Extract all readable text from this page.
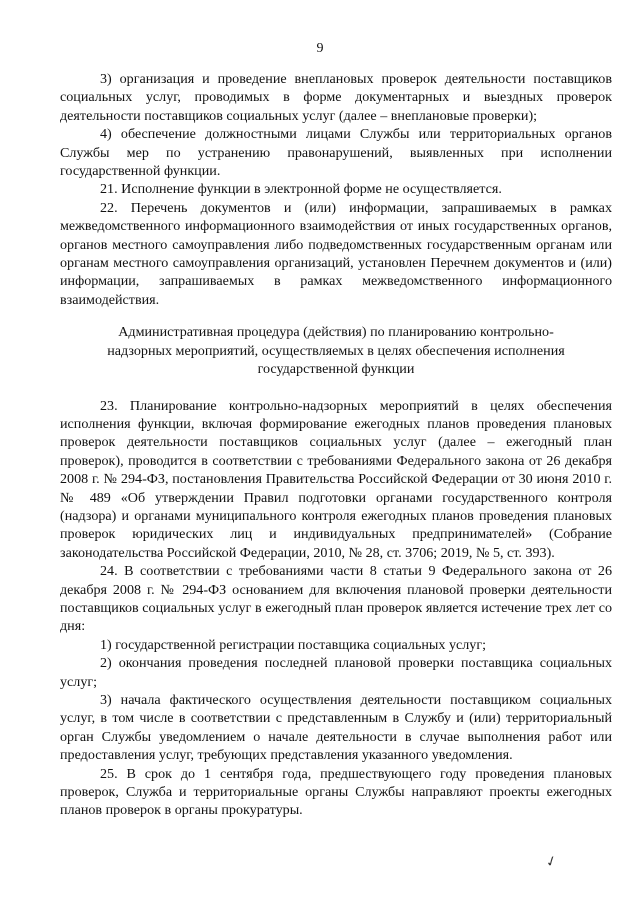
9

3) организация и проведение внеплановых проверок деятельности поставщиков социальных услуг, проводимых в форме документарных и выездных проверок деятельности поставщиков социальных услуг (далее – внеплановые проверки);

4) обеспечение должностными лицами Службы или территориальных органов Службы мер по устранению правонарушений, выявленных при исполнении государственной функции.

21. Исполнение функции в электронной форме не осуществляется.

22. Перечень документов и (или) информации, запрашиваемых в рамках межведомственного информационного взаимодействия от иных государственных органов, органов местного самоуправления либо подведомственных государственным органам или органам местного самоуправления организаций, установлен Перечнем документов и (или) информации, запрашиваемых в рамках межведомственного информационного взаимодействия.

Административная процедура (действия) по планированию контрольно-

надзорных мероприятий, осуществляемых в целях обеспечения исполнения

государственной функции

23. Планирование контрольно-надзорных мероприятий в целях обеспечения исполнения функции, включая формирование ежегодных планов проведения плановых проверок деятельности поставщиков социальных услуг (далее – ежегодный план проверок), проводится в соответствии с требованиями Федерального закона от 26 декабря 2008 г. № 294-ФЗ, постановления Правительства Российской Федерации от 30 июня 2010 г. № 489 «Об утверждении Правил подготовки органами государственного контроля (надзора) и органами муниципального контроля ежегодных планов проведения плановых проверок юридических лиц и индивидуальных предпринимателей» (Собрание законодательства Российской Федерации, 2010, № 28, ст. 3706; 2019, № 5, ст. 393).

24. В соответствии с требованиями части 8 статьи 9 Федерального закона от 26 декабря 2008 г. № 294-ФЗ основанием для включения плановой проверки деятельности поставщиков социальных услуг в ежегодный план проверок является истечение трех лет со дня:

1) государственной регистрации поставщика социальных услуг;

2) окончания проведения последней плановой проверки поставщика социальных услуг;

3) начала фактического осуществления деятельности поставщиком социальных услуг, в том числе в соответствии с представленным в Службу и (или) территориальный орган Службы уведомлением о начале деятельности в случае выполнения работ или предоставления услуг, требующих представления указанного уведомления.

25. В срок до 1 сентября года, предшествующего году проведения плановых проверок, Служба и территориальные органы Службы направляют проекты ежегодных планов проверок в органы прокуратуры.

✓
